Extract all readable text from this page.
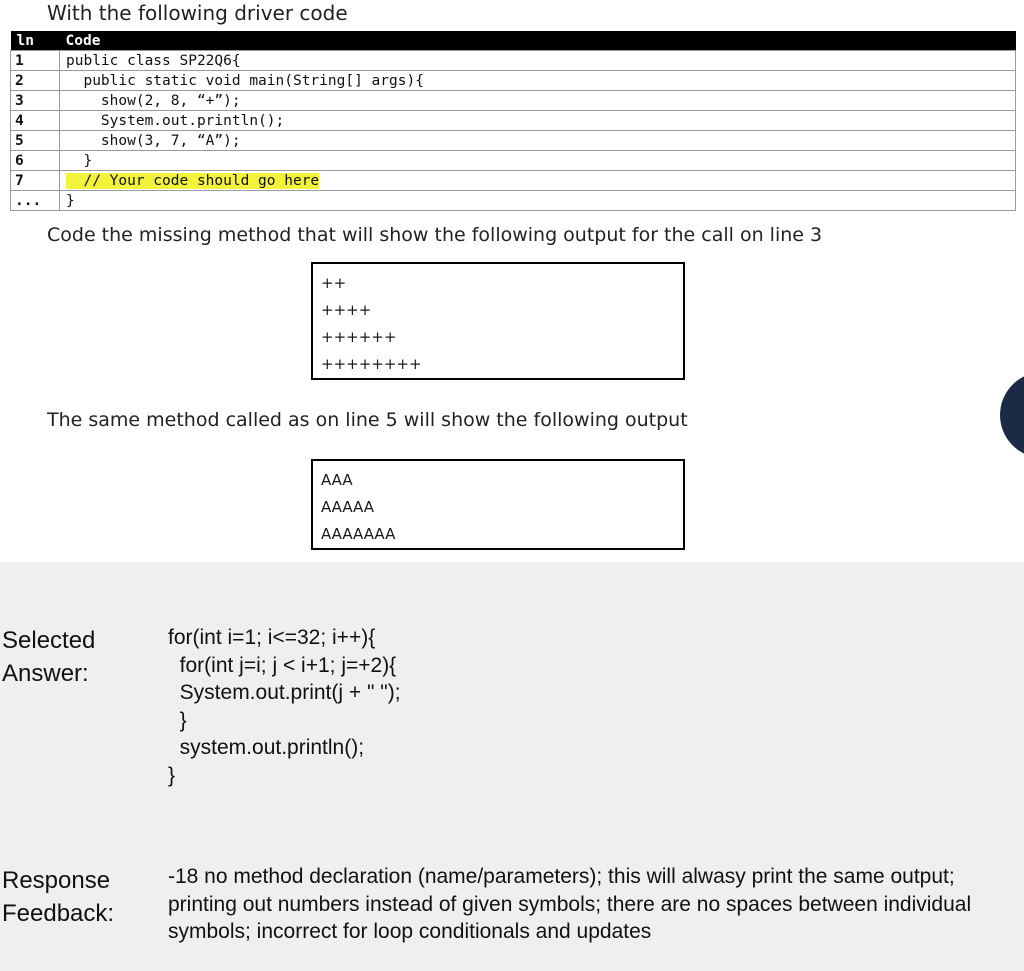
With the following driver code
ln	Code
1	public class SP22Q6{
2	public static void main(String[] args){
3	show(2, 8, “+”);
4	System.out.println();
5	show(3, 7, “A”);
6	}
7	// Your code should go here
...	}
Code the missing method that will show the following output for the call on line 3
++
++++
++++++
++++++++
The same method called as on line 5 will show the following output
AAA
AAAAA
AAAAAAA
Selected Answer:
for(int i=1; i<=32; i++){
for(int j=i; j < i+1; j=+2){
System.out.print(j + " ");
}
system.out.println();
}
Response Feedback:
-18 no method declaration (name/parameters); this will alwasy print the same output; printing out numbers instead of given symbols; there are no spaces between individual symbols; incorrect for loop conditionals and updates
